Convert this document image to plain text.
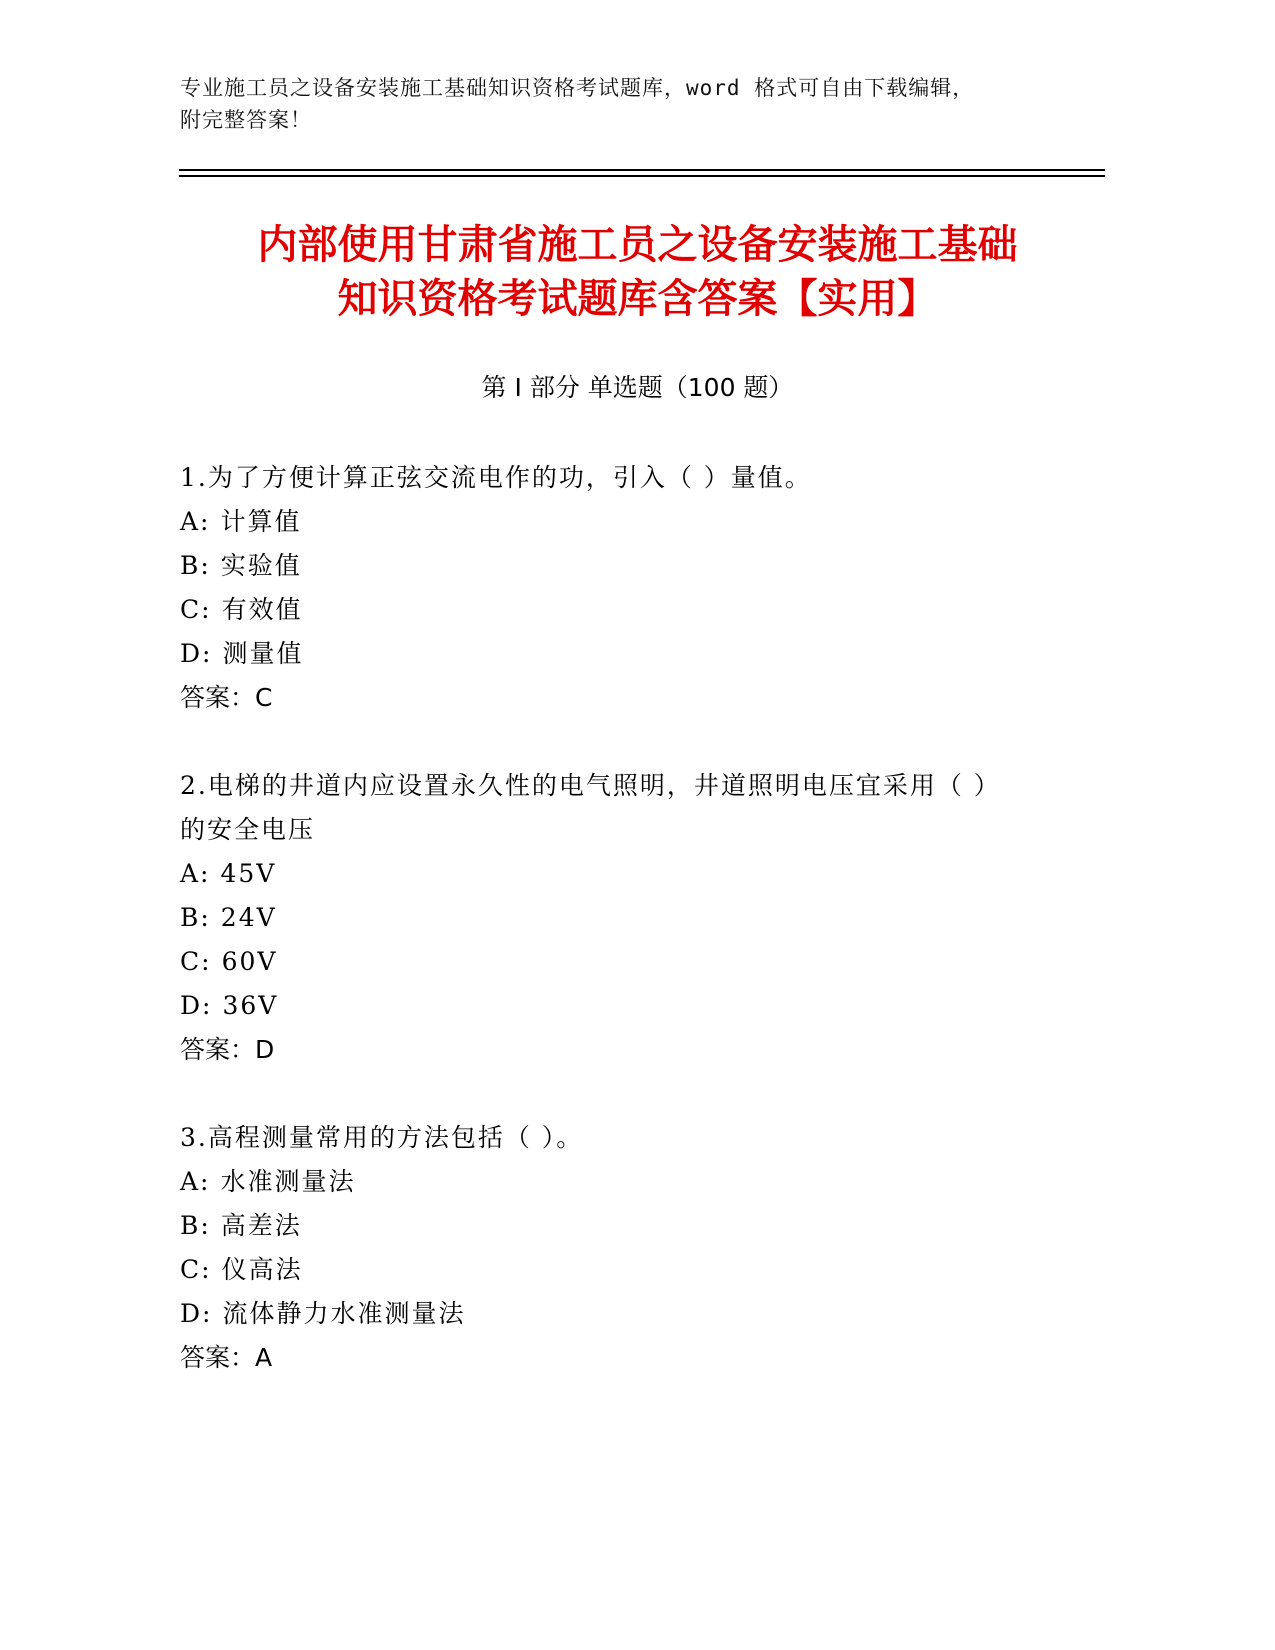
专业施工员之设备安装施工基础知识资格考试题库，word 格式可自由下载编辑，
附完整答案！
内部使用甘肃省施工员之设备安装施工基础
知识资格考试题库含答案【实用】
第 I 部分 单选题（100 题）
1.为了方便计算正弦交流电作的功，引入（ ）量值。
A: 计算值
B: 实验值
C: 有效值
D: 测量值
答案：C
2.电梯的井道内应设置永久性的电气照明，井道照明电压宜采用（ ）
的安全电压
A: 45V
B: 24V
C: 60V
D: 36V
答案：D
3.高程测量常用的方法包括（ ）。
A: 水准测量法
B: 高差法
C: 仪高法
D: 流体静力水准测量法
答案：A
